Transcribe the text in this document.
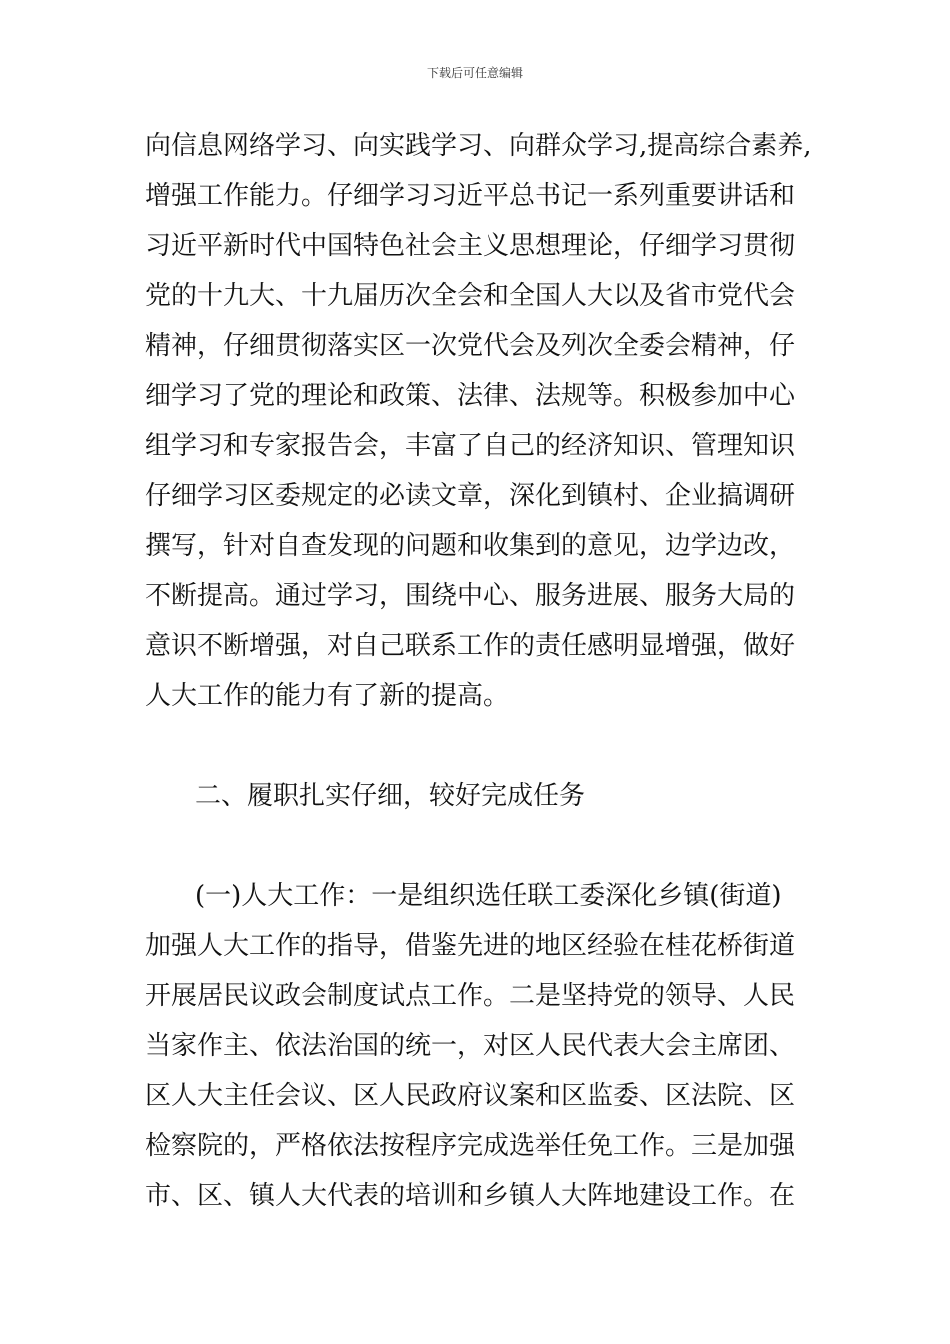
下载后可任意编辑
向信息网络学习、向实践学习、向群众学习,提高综合素养,
增强工作能力。仔细学习习近平总书记一系列重要讲话和
习近平新时代中国特色社会主义思想理论，仔细学习贯彻
党的十九大、十九届历次全会和全国人大以及省市党代会
精神，仔细贯彻落实区一次党代会及列次全委会精神，仔
细学习了党的理论和政策、法律、法规等。积极参加中心
组学习和专家报告会，丰富了自己的经济知识、管理知识
仔细学习区委规定的必读文章，深化到镇村、企业搞调研
撰写，针对自查发现的问题和收集到的意见，边学边改，
不断提高。通过学习，围绕中心、服务进展、服务大局的
意识不断增强，对自己联系工作的责任感明显增强，做好
人大工作的能力有了新的提高。
二、履职扎实仔细，较好完成任务
(一)人大工作：一是组织选任联工委深化乡镇(街道)
加强人大工作的指导，借鉴先进的地区经验在桂花桥街道
开展居民议政会制度试点工作。二是坚持党的领导、人民
当家作主、依法治国的统一，对区人民代表大会主席团、
区人大主任会议、区人民政府议案和区监委、区法院、区
检察院的，严格依法按程序完成选举任免工作。三是加强
市、区、镇人大代表的培训和乡镇人大阵地建设工作。在
